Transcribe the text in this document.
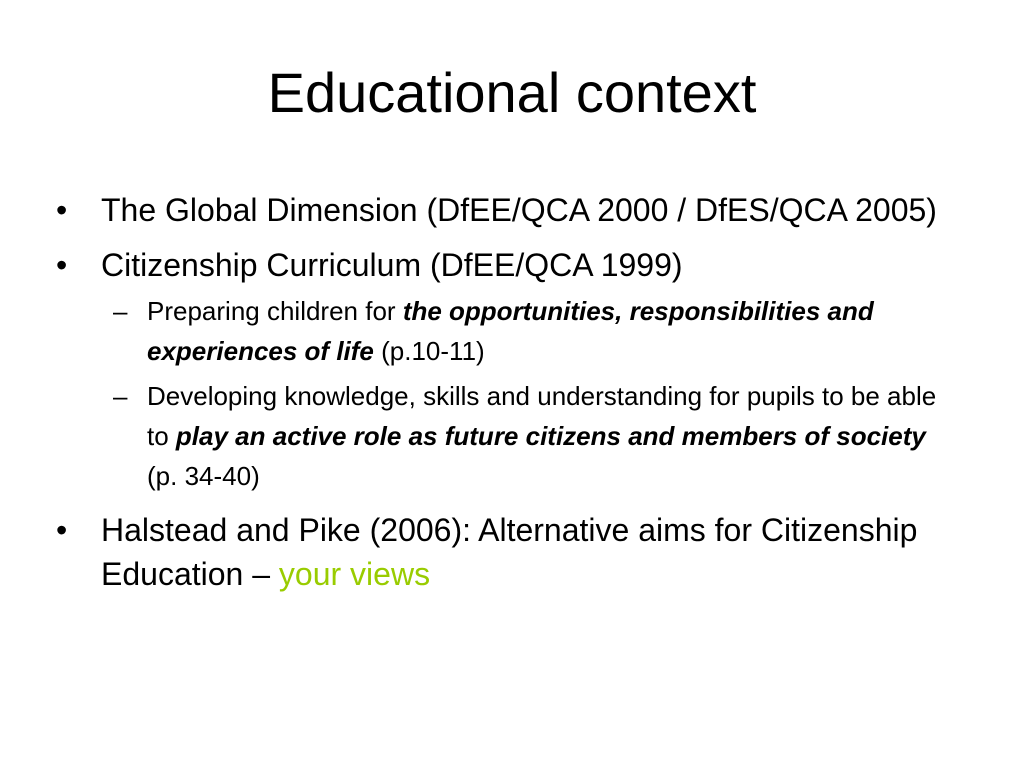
Educational context
•	The Global Dimension (DfEE/QCA 2000 / DfES/QCA 2005)
•	Citizenship Curriculum (DfEE/QCA 1999)
– Preparing children for the opportunities, responsibilities and experiences of life (p.10-11)
– Developing knowledge, skills and understanding for pupils to be able to play an active role as future citizens and members of society (p. 34-40)
•	Halstead and Pike (2006): Alternative aims for Citizenship Education – your views
